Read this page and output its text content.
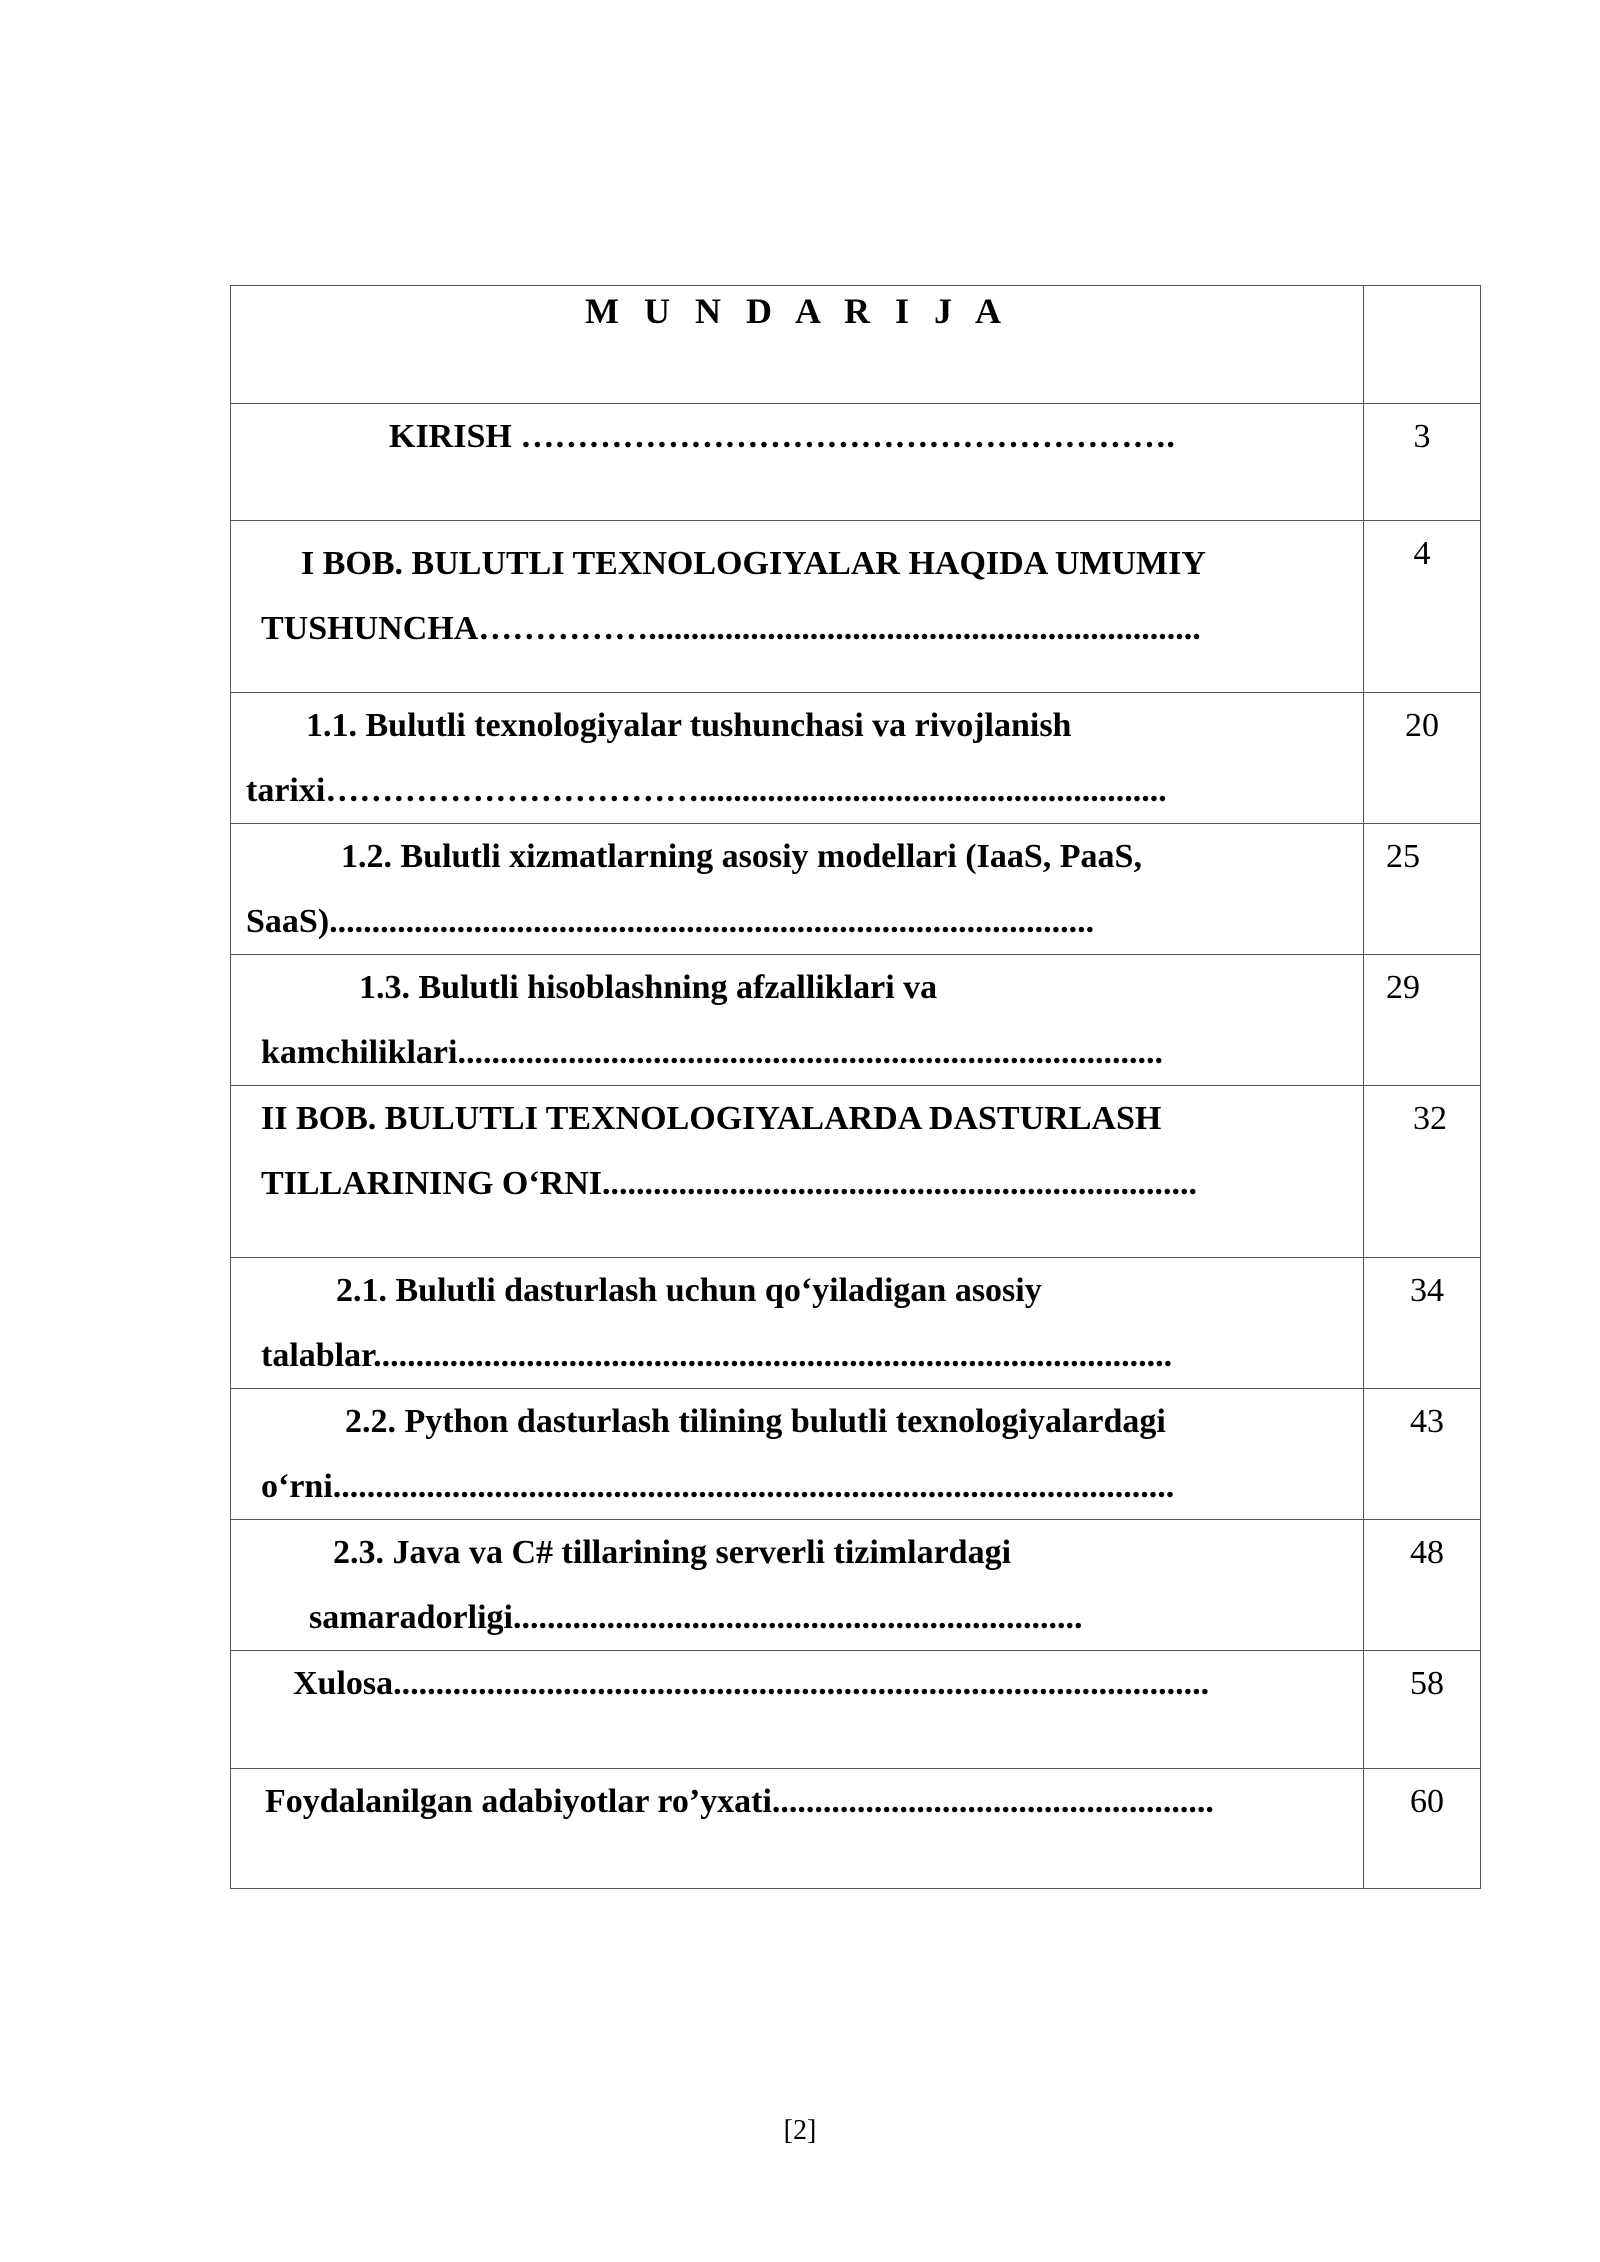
M U N D A R I J A	

KIRISH ………………………………………………….	3

I BOB. BULUTLI TEXNOLOGIYALAR HAQIDA UMUMIY
TUSHUNCHA…………….................................................................	4

1.1. Bulutli texnologiyalar tushunchasi va rivojlanish
tarixi…………………………….......................................................	20

1.2. Bulutli xizmatlarning asosiy modellari (IaaS, PaaS,
SaaS)..........................................................................................	25

1.3. Bulutli hisoblashning afzalliklari va
kamchiliklari...................................................................................	29

II BOB. BULUTLI TEXNOLOGIYALARDA DASTURLASH
TILLARINING O‘RNI......................................................................	32

2.1. Bulutli dasturlash uchun qo‘yiladigan asosiy
talablar..............................................................................................	34

2.2. Python dasturlash tilining bulutli texnologiyalardagi
o‘rni...................................................................................................	43

2.3. Java va C# tillarining serverli tizimlardagi
samaradorligi...................................................................	48

Xulosa................................................................................................	58

Foydalanilgan adabiyotlar ro’yxati....................................................	60
[2]
